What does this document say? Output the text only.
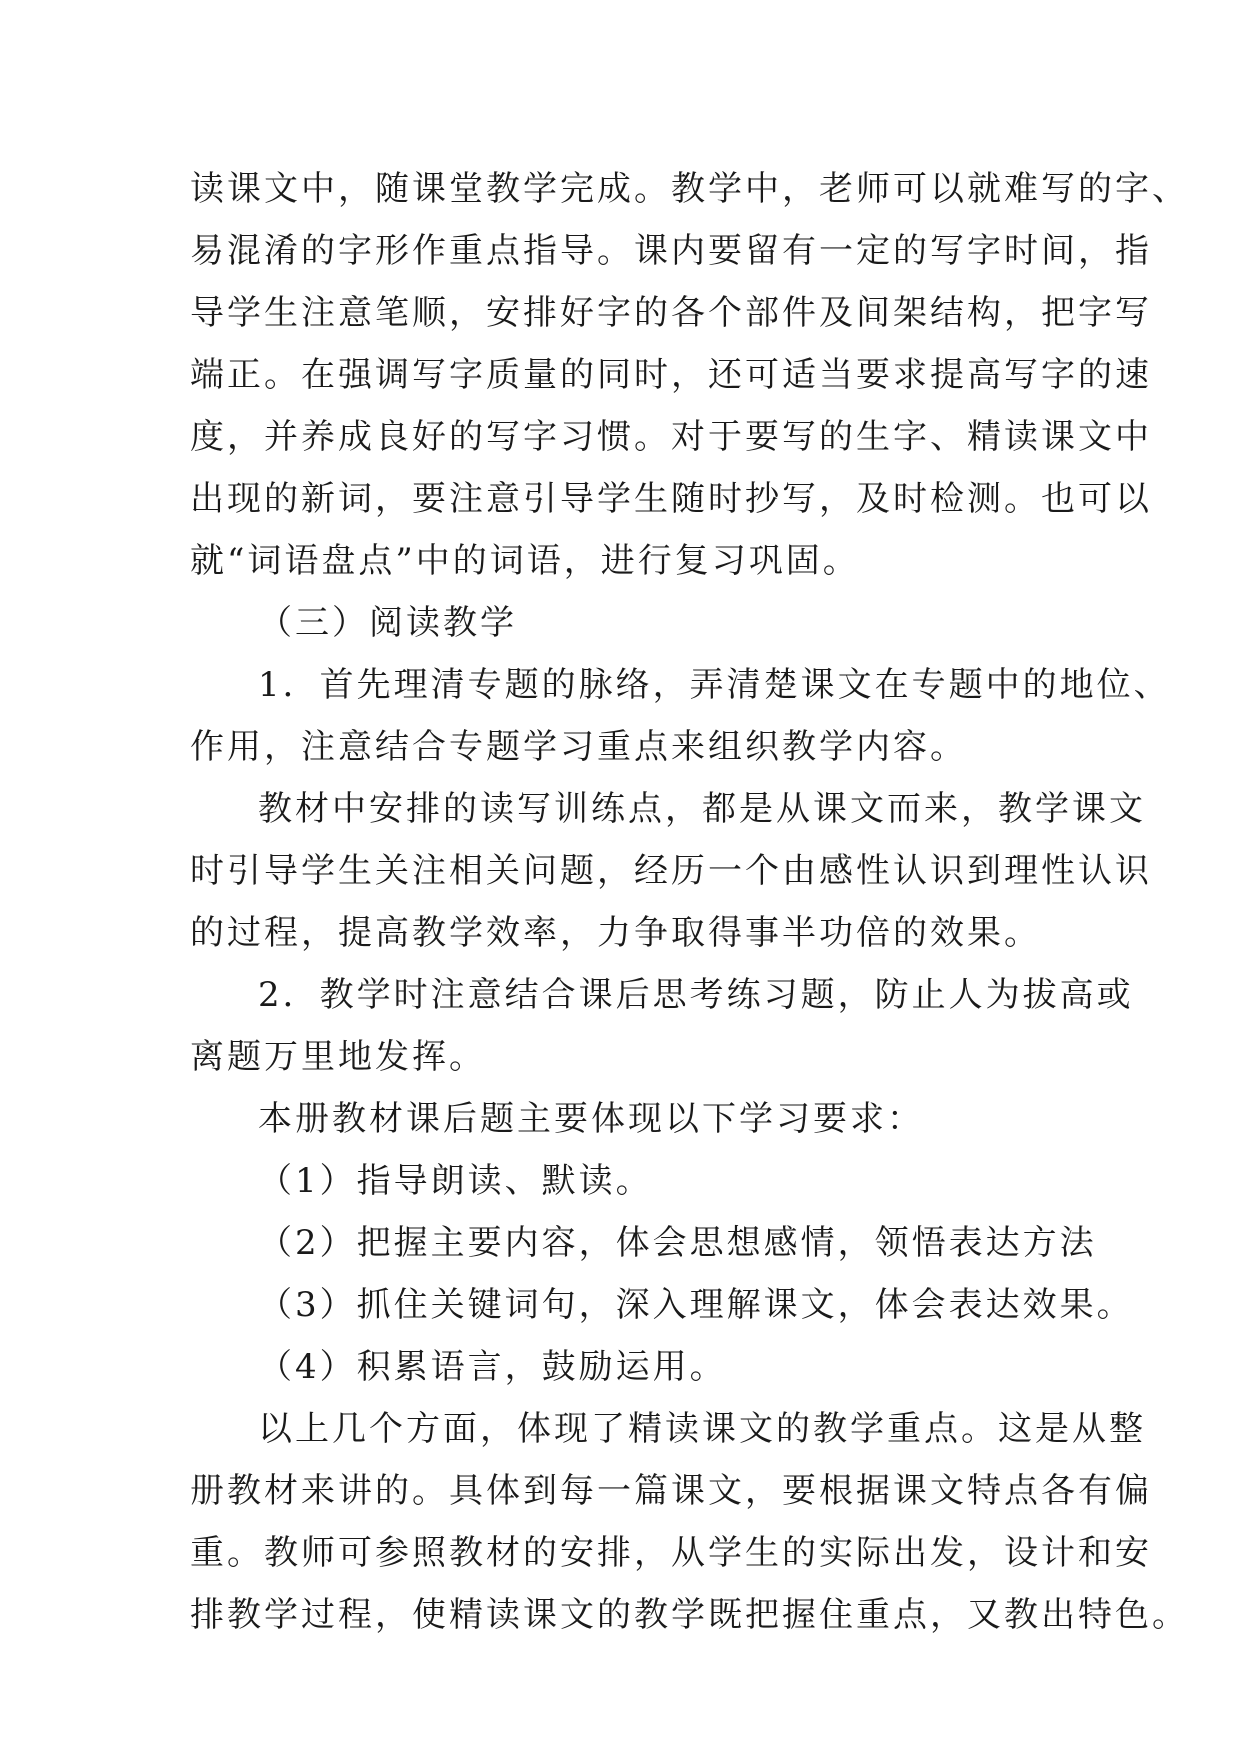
读课文中，随课堂教学完成。教学中，老师可以就难写的字、
易混淆的字形作重点指导。课内要留有一定的写字时间，指
导学生注意笔顺，安排好字的各个部件及间架结构，把字写
端正。在强调写字质量的同时，还可适当要求提高写字的速
度，并养成良好的写字习惯。对于要写的生字、精读课文中
出现的新词，要注意引导学生随时抄写，及时检测。也可以
就“词语盘点”中的词语，进行复习巩固。
（三）阅读教学
1．首先理清专题的脉络，弄清楚课文在专题中的地位、
作用，注意结合专题学习重点来组织教学内容。
教材中安排的读写训练点，都是从课文而来，教学课文
时引导学生关注相关问题，经历一个由感性认识到理性认识
的过程，提高教学效率，力争取得事半功倍的效果。
2．教学时注意结合课后思考练习题，防止人为拔高或
离题万里地发挥。
本册教材课后题主要体现以下学习要求：
（1）指导朗读、默读。
（2）把握主要内容，体会思想感情，领悟表达方法
（3）抓住关键词句，深入理解课文，体会表达效果。
（4）积累语言，鼓励运用。
以上几个方面，体现了精读课文的教学重点。这是从整
册教材来讲的。具体到每一篇课文，要根据课文特点各有偏
重。教师可参照教材的安排，从学生的实际出发，设计和安
排教学过程，使精读课文的教学既把握住重点，又教出特色。
